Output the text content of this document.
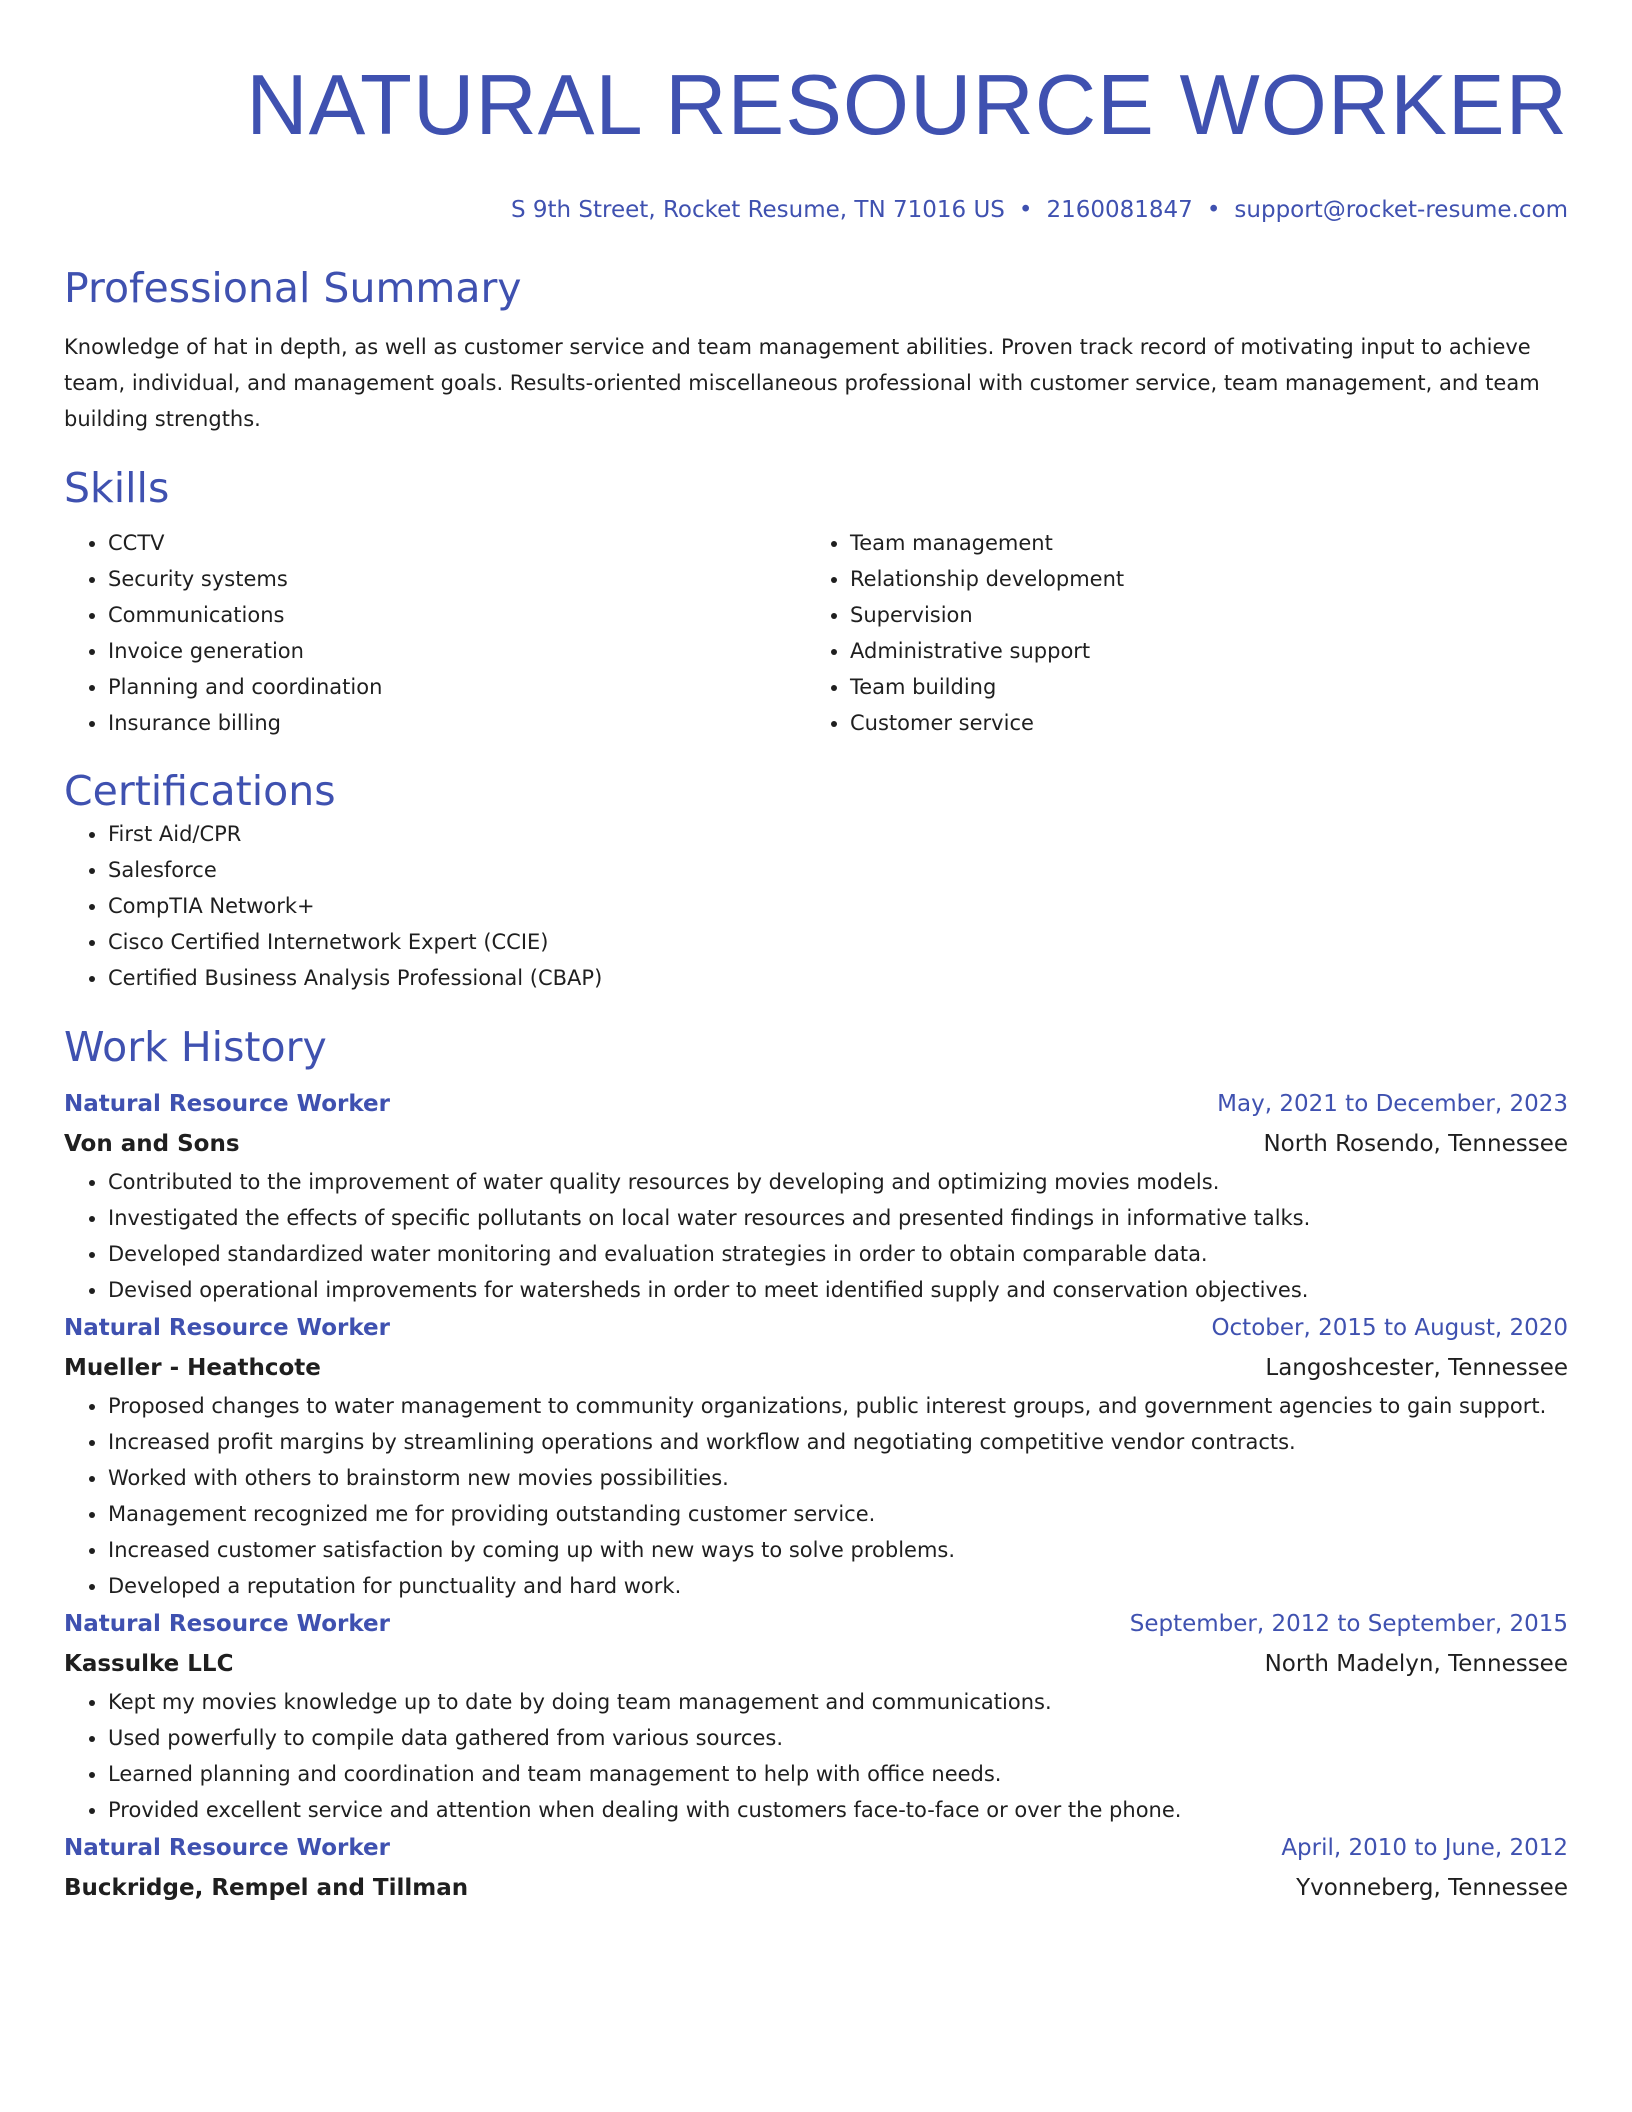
NATURAL RESOURCE WORKER
S 9th Street, Rocket Resume, TN 71016 US • 2160081847 • support@rocket-resume.com
Professional Summary

Knowledge of hat in depth, as well as customer service and team management abilities. Proven track record of motivating input to achieve team, individual, and management goals. Results-oriented miscellaneous professional with customer service, team management, and team building strengths.

Skills
• CCTV
• Security systems
• Communications
• Invoice generation
• Planning and coordination
• Insurance billing
• Team management
• Relationship development
• Supervision
• Administrative support
• Team building
• Customer service
Certifications
• First Aid/CPR
• Salesforce
• CompTIA Network+
• Cisco Certified Internetwork Expert (CCIE)
• Certified Business Analysis Professional (CBAP)
Work History
Natural Resource Worker	May, 2021 to December, 2023
Von and Sons	North Rosendo, Tennessee
• Contributed to the improvement of water quality resources by developing and optimizing movies models.
• Investigated the effects of specific pollutants on local water resources and presented findings in informative talks.
• Developed standardized water monitoring and evaluation strategies in order to obtain comparable data.
• Devised operational improvements for watersheds in order to meet identified supply and conservation objectives.
Natural Resource Worker	October, 2015 to August, 2020
Mueller - Heathcote	Langoshcester, Tennessee
• Proposed changes to water management to community organizations, public interest groups, and government agencies to gain support.
• Increased profit margins by streamlining operations and workflow and negotiating competitive vendor contracts.
• Worked with others to brainstorm new movies possibilities.
• Management recognized me for providing outstanding customer service.
• Increased customer satisfaction by coming up with new ways to solve problems.
• Developed a reputation for punctuality and hard work.
Natural Resource Worker	September, 2012 to September, 2015
Kassulke LLC	North Madelyn, Tennessee
• Kept my movies knowledge up to date by doing team management and communications.
• Used powerfully to compile data gathered from various sources.
• Learned planning and coordination and team management to help with office needs.
• Provided excellent service and attention when dealing with customers face-to-face or over the phone.
Natural Resource Worker	April, 2010 to June, 2012
Buckridge, Rempel and Tillman	Yvonneberg, Tennessee
